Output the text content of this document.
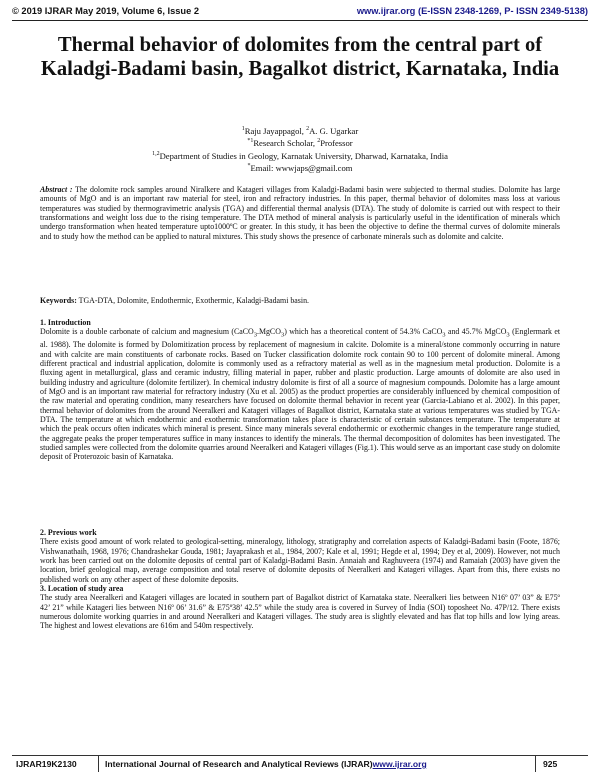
© 2019 IJRAR May 2019, Volume 6, Issue 2	www.ijrar.org (E-ISSN 2348-1269, P- ISSN 2349-5138)
Thermal behavior of dolomites from the central part of Kaladgi-Badami basin, Bagalkot district, Karnataka, India

$^1$Raju Jayappagol, $^2$A. G. Ugarkar

$^{*1}$Research Scholar, $^2$Professor

$^{1,2}$Department of Studies in Geology, Karnatak University, Dharwad, Karnataka, India

*Email: wwwjaps@gmail.com

Abstract : The dolomite rock samples around Niralkere and Katageri villages from Kaladgi-Badami basin were subjected to thermal studies. Dolomite has large amounts of MgO and is an important raw material for steel, iron and refractory industries. In this paper, thermal behavior of dolomites mass loss at various temperatures was studied by thermogravimetric analysis (TGA) and differential thermal analysis (DTA). The study of dolomite is carried out with respect to their transformations and weight loss due to the rising temperature. The DTA method of mineral analysis is particularly useful in the identification of minerals which undergo transformation when heated temperature upto1000ºC or greater. In this study, it has been the objective to define the thermal curves of dolomite minerals and to study how the method can be applied to natural mixtures. This study shows the presence of carbonate minerals such as dolomite and calcite.

Keywords: TGA-DTA, Dolomite, Endothermic, Exothermic, Kaladgi-Badami basin.

1. Introduction

Dolomite is a double carbonate of calcium and magnesium (CaCO$_3$.MgCO$_3$) which has a theoretical content of 54.3% CaCO$_3$ and 45.7% MgCO$_3$ (Englermark et al. 1988). The dolomite is formed by Dolomitization process by replacement of magnesium in calcite. Dolomite is a mineral/stone commonly occurring in nature and with calcite are main constituents of carbonate rocks. Based on Tucker classification dolomite rock contain 90 to 100 percent of dolomite mineral. Among different practical and industrial application, dolomite is commonly used as a refractory material as well as in the magnesium metal production. Dolomite is a fluxing agent in metallurgical, glass and ceramic industry, filling material in paper, rubber and plastic production. Large amounts of dolomite are also used in building industry and agriculture (dolomite fertilizer). In chemical industry dolomite is first of all a source of magnesium compounds. Dolomite has a large amount of MgO and is an important raw material for refractory industry (Xu et al. 2005) as the product properties are considerably influenced by chemical composition of the raw material and operating condition, many researchers have focused on dolomite thermal behavior in recent year (Garcia-Labiano et al. 2002). In this paper, thermal behavior of dolomites from the around Neeralkeri and Katageri villages of Bagalkot district, Karnataka state at various temperatures was studied by TGA-DTA. The temperature at which endothermic and exothermic transformation takes place is characteristic of certain substances temperature. The temperature at which the peak occurs often indicates which mineral is present. Since many minerals several endothermic or exothermic changes in the temperature range studied, the aggregate peaks the proper temperatures suffice in many instances to identify the minerals. The thermal decomposition of dolomites has been investigated. The studied samples were collected from the dolomite quarries around Neeralkeri and Katageri villages (Fig.1). This would serve as an important case study on dolomite deposit of Proterozoic basin of Karnataka.

2. Previous work

There exists good amount of work related to geological-setting, mineralogy, lithology, stratigraphy and correlation aspects of Kaladgi-Badami basin (Foote, 1876; Vishwanathaih, 1968, 1976; Chandrashekar Gouda, 1981; Jayaprakash et al., 1984, 2007; Kale et al, 1991; Hegde et al, 1994; Dey et al, 2009). However, not much work has been carried out on the dolomite deposits of central part of Kaladgi-Badami Basin. Annaiah and Raghuveera (1974) and Ramaiah (2003) have given the location, brief geological map, average composition and total reserve of dolomite deposits of Neeralkeri and Katageri villages. Apart from this, there exists no published work on any other aspect of these dolomite deposits.

3. Location of study area

The study area Neeralkeri and Katageri villages are located in southern part of Bagalkot district of Karnataka state. Neeralkeri lies between N16º 07’ 03” & E75º 42’ 21” while Katageri lies between N16º 06’ 31.6” & E75º38’ 42.5” while the study area is covered in Survey of India (SOI) toposheet No. 47P/12. There exists numerous dolomite working quarries in and around Neeralkeri and Katageri villages. The study area is slightly elevated and has flat top hills and low lying areas. The highest and lowest elevations are 616m and 540m respectively.

IJRAR19K2130	International Journal of Research and Analytical Reviews (IJRAR)www.ijrar.org	925
